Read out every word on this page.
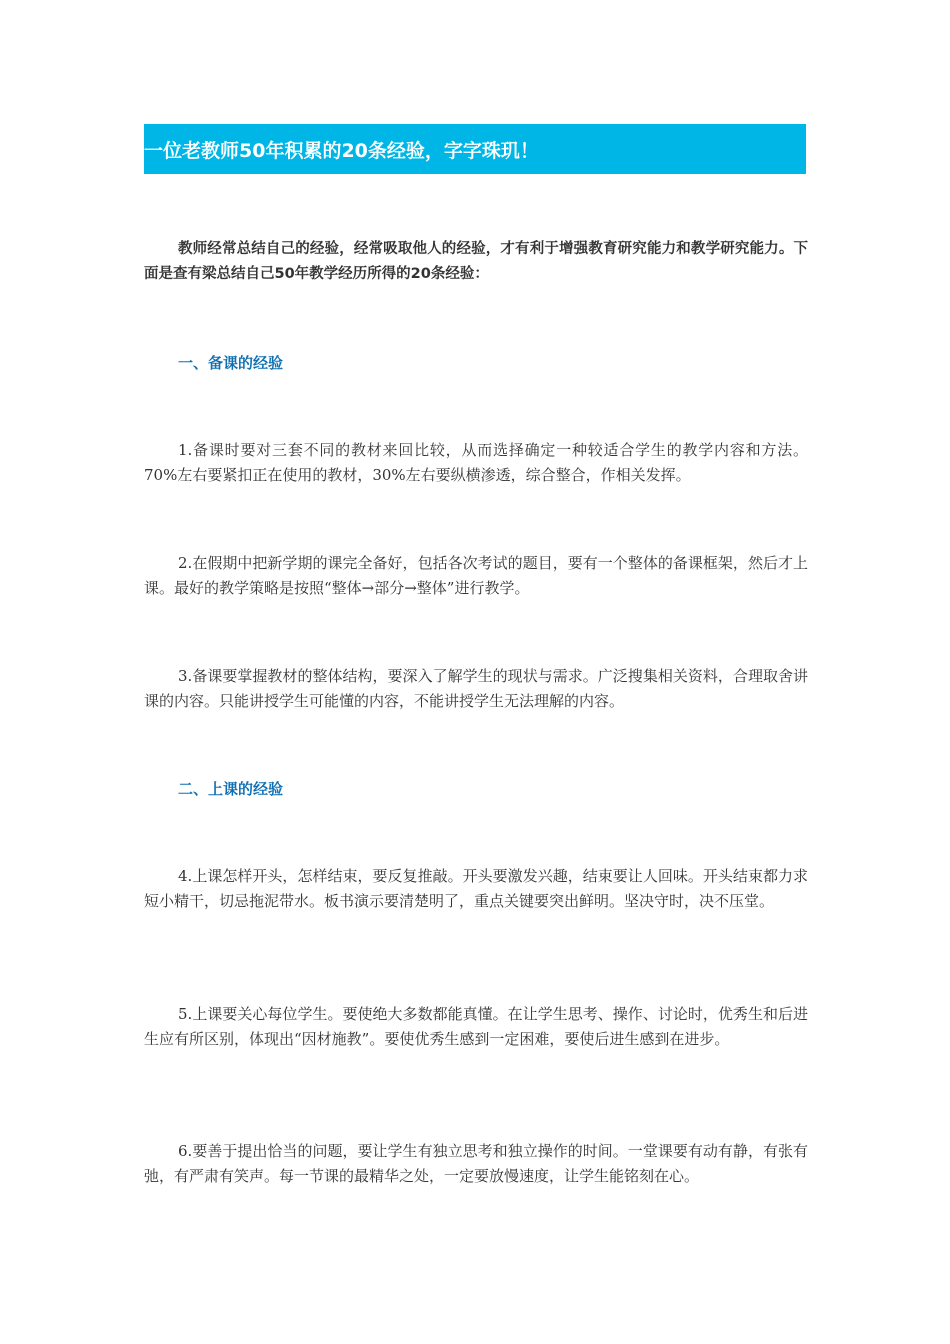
一位老教师50年积累的20条经验，字字珠玑！

教师经常总结自己的经验，经常吸取他人的经验，才有利于增强教育研究能力和教学研究能力。下面是查有梁总结自己50年教学经历所得的20条经验：

一、备课的经验

1.备课时要对三套不同的教材来回比较，从而选择确定一种较适合学生的教学内容和方法。70%左右要紧扣正在使用的教材，30%左右要纵横渗透，综合整合，作相关发挥。

2.在假期中把新学期的课完全备好，包括各次考试的题目，要有一个整体的备课框架，然后才上课。最好的教学策略是按照“整体→部分→整体”进行教学。

3.备课要掌握教材的整体结构，要深入了解学生的现状与需求。广泛搜集相关资料，合理取舍讲课的内容。只能讲授学生可能懂的内容，不能讲授学生无法理解的内容。

二、上课的经验

4.上课怎样开头，怎样结束，要反复推敲。开头要激发兴趣，结束要让人回味。开头结束都力求短小精干，切忌拖泥带水。板书演示要清楚明了，重点关键要突出鲜明。坚决守时，决不压堂。

5.上课要关心每位学生。要使绝大多数都能真懂。在让学生思考、操作、讨论时，优秀生和后进生应有所区别，体现出“因材施教”。要使优秀生感到一定困难，要使后进生感到在进步。

6.要善于提出恰当的问题，要让学生有独立思考和独立操作的时间。一堂课要有动有静，有张有弛，有严肃有笑声。每一节课的最精华之处，一定要放慢速度，让学生能铭刻在心。
